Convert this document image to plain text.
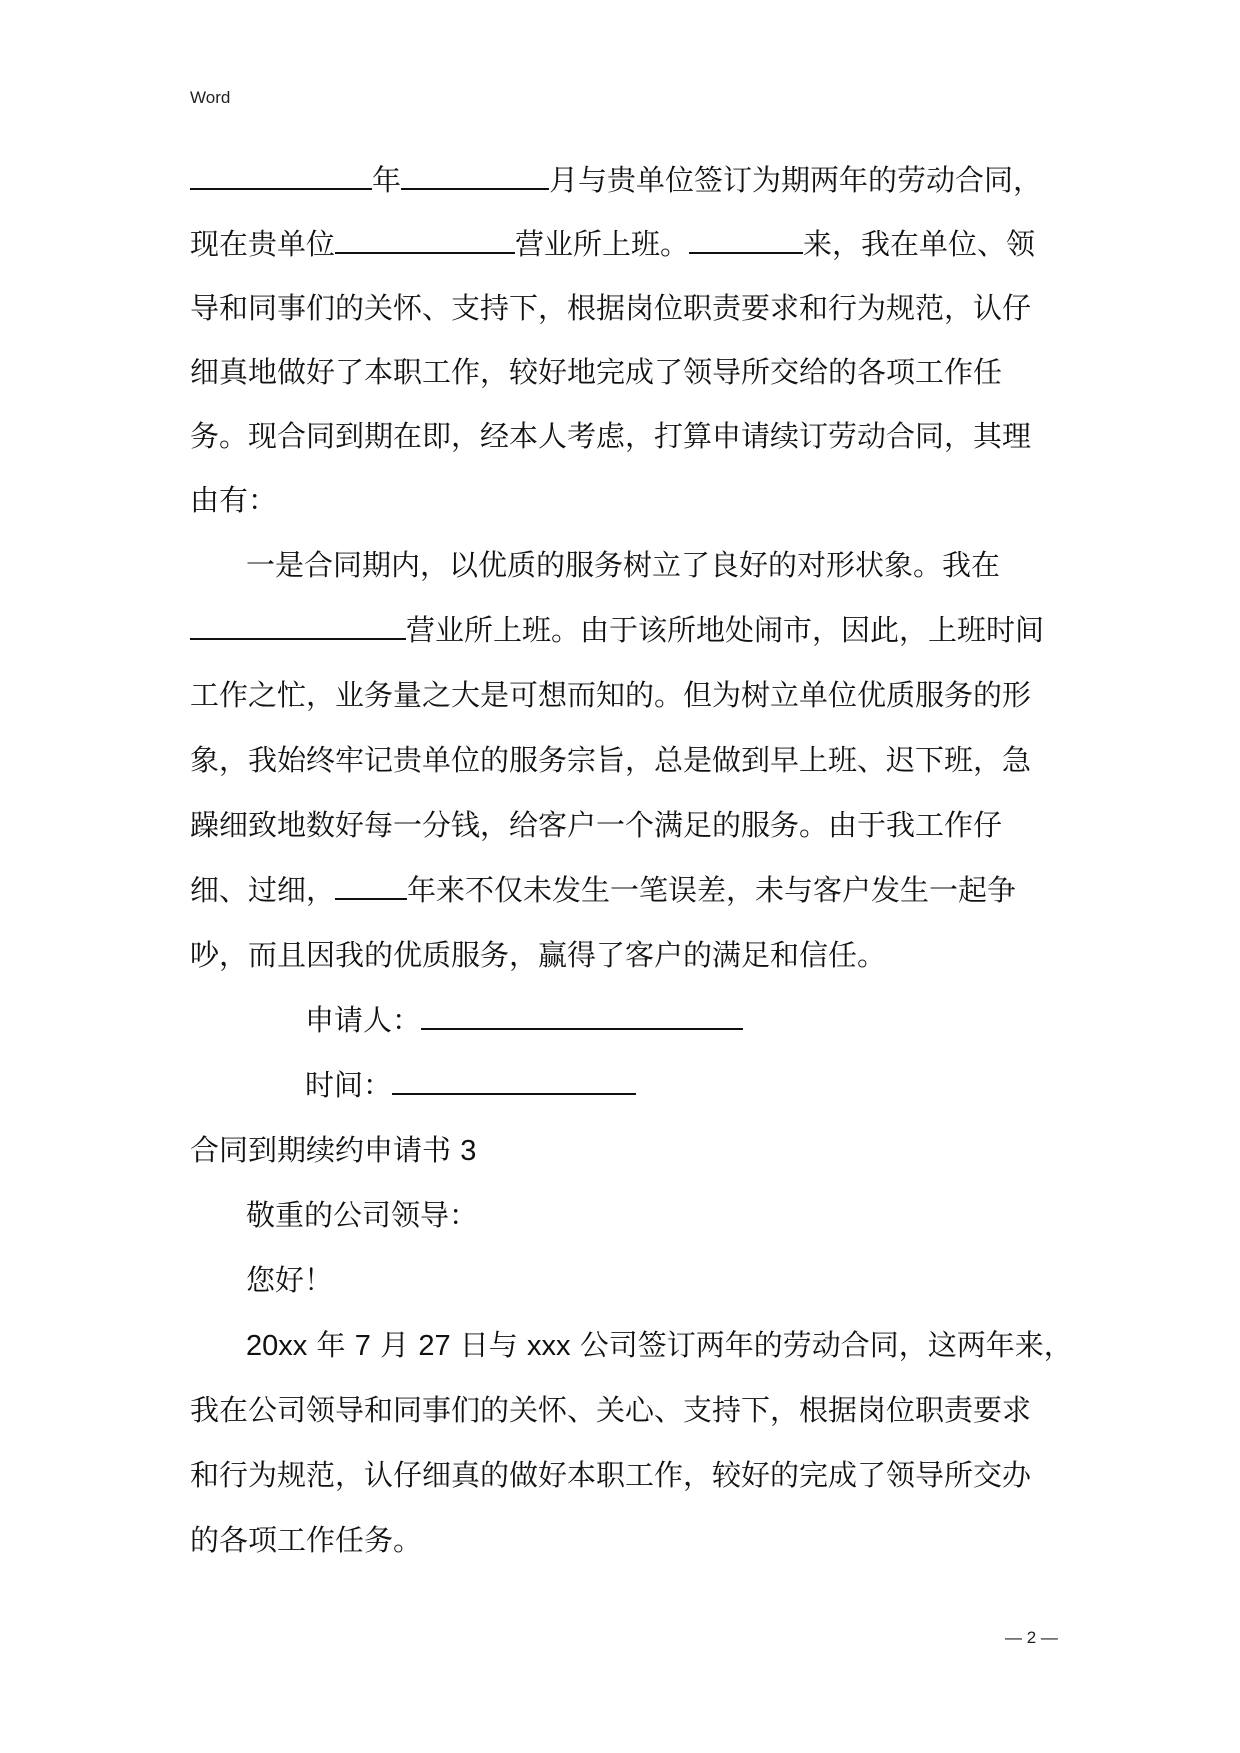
Word
年	月与贵单位签订为期两年的劳动合同，
现在贵单位	营业所上班。	来，我在单位、领
导和同事们的关怀、支持下，根据岗位职责要求和行为规范，认仔
细真地做好了本职工作，较好地完成了领导所交给的各项工作任
务。现合同到期在即，经本人考虑，打算申请续订劳动合同，其理
由有：
一是合同期内，以优质的服务树立了良好的对形状象。我在
营业所上班。由于该所地处闹市，因此，上班时间
工作之忙，业务量之大是可想而知的。但为树立单位优质服务的形
象，我始终牢记贵单位的服务宗旨，总是做到早上班、迟下班，急
躁细致地数好每一分钱，给客户一个满足的服务。由于我工作仔
细、过细， 年来不仅未发生一笔误差，未与客户发生一起争
吵，而且因我的优质服务，赢得了客户的满足和信任。
申请人：
时间：
合同到期续约申请书 3
敬重的公司领导：
您好！
20xx 年 7 月 27 日与 xxx 公司签订两年的劳动合同，这两年来，
我在公司领导和同事们的关怀、关心、支持下，根据岗位职责要求
和行为规范，认仔细真的做好本职工作，较好的完成了领导所交办
的各项工作任务。
— 2 —
